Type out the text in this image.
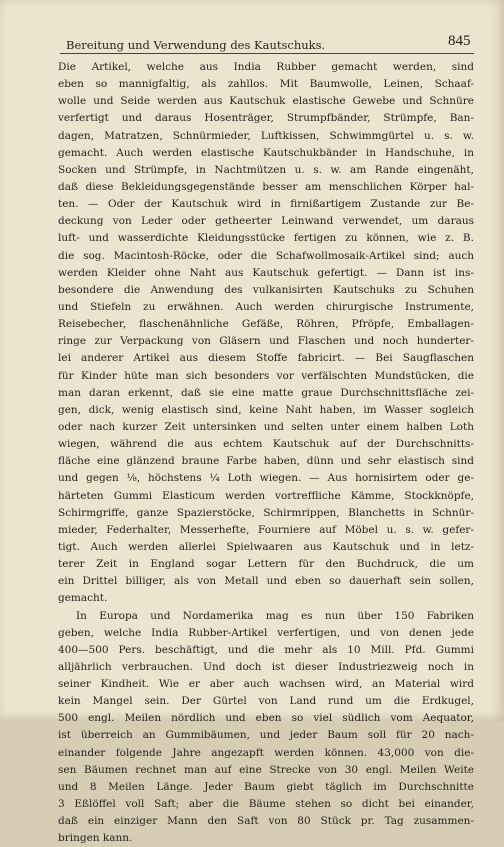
Bereitung und Verwendung des Kautschuks.	845
Die Artikel, welche aus India Rubber gemacht werden, sind
eben so mannigfaltig, als zahllos. Mit Baumwolle, Leinen, Schaaf-
wolle und Seide werden aus Kautschuk elastische Gewebe und Schnüre
verfertigt und daraus Hosenträger, Strumpfbänder, Strümpfe, Ban-
dagen, Matratzen, Schnürmieder, Luftkissen, Schwimmgürtel u. s. w.
gemacht. Auch werden elastische Kautschukbänder in Handschuhe, in
Socken und Strümpfe, in Nachtmützen u. s. w. am Rande eingenäht,
daß diese Bekleidungsgegenstände besser am menschlichen Körper hal-
ten. — Oder der Kautschuk wird in firnißartigem Zustande zur Be-
deckung von Leder oder getheerter Leinwand verwendet, um daraus
luft- und wasserdichte Kleidungsstücke fertigen zu können, wie z. B.
die sog. Macintosh-Röcke, oder die Schafwollmosaik-Artikel sind; auch
werden Kleider ohne Naht aus Kautschuk gefertigt. — Dann ist ins-
besondere die Anwendung des vulkanisirten Kautschuks zu Schuhen
und Stiefeln zu erwähnen. Auch werden chirurgische Instrumente,
Reisebecher, flaschenähnliche Gefäße, Röhren, Pfröpfe, Emballagen-
ringe zur Verpackung von Gläsern und Flaschen und noch hunderter-
lei anderer Artikel aus diesem Stoffe fabricirt. — Bei Saugflaschen
für Kinder hüte man sich besonders vor verfälschten Mundstücken, die
man daran erkennt, daß sie eine matte graue Durchschnittsfläche zei-
gen, dick, wenig elastisch sind, keine Naht haben, im Wasser sogleich
oder nach kurzer Zeit untersinken und selten unter einem halben Loth
wiegen, während die aus echtem Kautschuk auf der Durchschnitts-
fläche eine glänzend braune Farbe haben, dünn und sehr elastisch sind
und gegen ⅛, höchstens ¼ Loth wiegen. — Aus hornisirtem oder ge-
härteten Gummi Elasticum werden vortreffliche Kämme, Stockknöpfe,
Schirmgriffe, ganze Spazierstöcke, Schirmrippen, Blanchetts in Schnür-
mieder, Federhalter, Messerhefte, Fourniere auf Möbel u. s. w. gefer-
tigt. Auch werden allerlei Spielwaaren aus Kautschuk und in letz-
terer Zeit in England sogar Lettern für den Buchdruck, die um
ein Drittel billiger, als von Metall und eben so dauerhaft sein sollen,
gemacht.
In Europa und Nordamerika mag es nun über 150 Fabriken
geben, welche India Rubber-Artikel verfertigen, und von denen jede
400—500 Pers. beschäftigt, und die mehr als 10 Mill. Pfd. Gummi
alljährlich verbrauchen. Und doch ist dieser Industriezweig noch in
seiner Kindheit. Wie er aber auch wachsen wird, an Material wird
kein Mangel sein. Der Gürtel von Land rund um die Erdkugel,
500 engl. Meilen nördlich und eben so viel südlich vom Aequator,
ist überreich an Gummibäumen, und jeder Baum soll für 20 nach-
einander folgende Jahre angezapft werden können. 43,000 von die-
sen Bäumen rechnet man auf eine Strecke von 30 engl. Meilen Weite
und 8 Meilen Länge. Jeder Baum giebt täglich im Durchschnitte
3 Eßlöffel voll Saft; aber die Bäume stehen so dicht bei einander,
daß ein einziger Mann den Saft von 80 Stück pr. Tag zusammen-
bringen kann.
